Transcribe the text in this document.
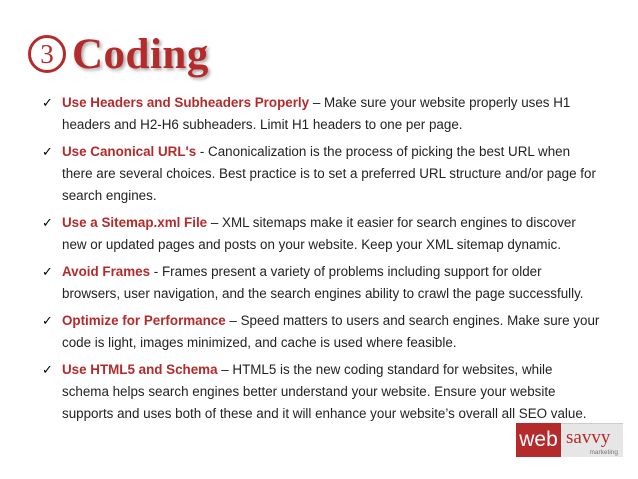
3 Coding
✓ Use Headers and Subheaders Properly – Make sure your website properly uses H1 headers and H2-H6 subheaders. Limit H1 headers to one per page.
✓ Use Canonical URL's - Canonicalization is the process of picking the best URL when there are several choices. Best practice is to set a preferred URL structure and/or page for search engines.
✓ Use a Sitemap.xml File – XML sitemaps make it easier for search engines to discover new or updated pages and posts on your website. Keep your XML sitemap dynamic.
✓ Avoid Frames - Frames present a variety of problems including support for older browsers, user navigation, and the search engines ability to crawl the page successfully.
✓ Optimize for Performance – Speed matters to users and search engines. Make sure your code is light, images minimized, and cache is used where feasible.
✓ Use HTML5 and Schema – HTML5 is the new coding standard for websites, while schema helps search engines better understand your website. Ensure your website supports and uses both of these and it will enhance your website’s overall all SEO value.
web savvy
marketing
